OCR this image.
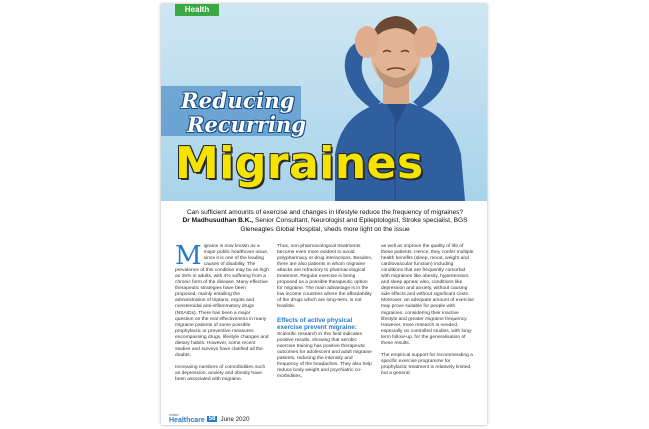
Health
Reducing
Recurring
Migraines
Can sufficient amounts of exercise and changes in lifestyle reduce the frequency of migraines?
Dr Madhusudhan B.K., Senior Consultant, Neurologist and Epileptologist, Stroke specialist, BGS Gleneagles Global Hospital, sheds more light on the issue

Migraine is now known as a major public healthcare issue, since it is one of the leading causes of disability. The prevalence of this condition may be as high as 25% in adults, with 4% suffering from a chronic form of the disease. Many effective therapeutic strategies have been proposed, mainly entailing the administration of triptans, ergots and nonsteroidal anti-inflammatory drugs (NSAIDs). There has been a major question on the real effectiveness in many migraine patients of some possible prophylactic or preventive measures encompassing drugs, lifestyle changes and dietary habits. However, some recent studies and surveys have clarified all the doubts.

Increasing numbers of comorbidities such as depression, anxiety and obesity have been associated with migraine.

Thus, non-pharmacological treatments become even more evident to avoid polypharmacy or drug interactions. Besides, there are also patients in whom migraine attacks are refractory to pharmacological treatment. Regular exercise is being proposed as a possible therapeutic option for migraine. The main advantage is in the low income countries where the affordability of the drugs which are long-term, is not feasible.

Effects of active physical exercise prevent migraine:

Scientific research in this field indicates positive results, showing that aerobic exercise training has positive therapeutic outcomes for adolescent and adult migraine patients, reducing the intensity and frequency of the headaches. They also help reduce body weight and psychiatric co-morbidities,

as well as improve the quality of life of these patients. Hence, they confer multiple health benefits (sleep, mood, weight and cardiovascular function) including conditions that are frequently comorbid with migraines like obesity, hypertension, and sleep apnea; also, conditions like depression and anxiety, without causing side effects and without significant costs. Moreover, an adequate amount of exercise may prove suitable for people with migraines, considering their inactive lifestyle and greater migraine frequency. However, more research is needed, especially on controlled studies, with long-term follow-up, for the generalisation of these results.

The empirical support for recommending a specific exercise programme for prophylactic treatment is relatively limited, but a general

Indian
Healthcare 58 June 2020
